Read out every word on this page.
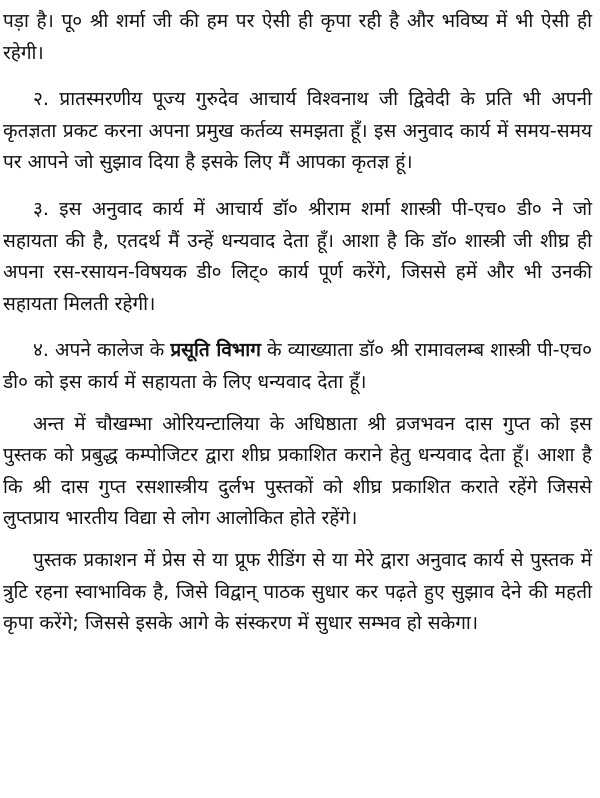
पड़ा है। पू० श्री शर्मा जी की हम पर ऐसी ही कृपा रही है और भविष्य में भी ऐसी ही रहेगी।

२. प्रातस्मरणीय पूज्य गुरुदेव आचार्य विश्वनाथ जी द्विवेदी के प्रति भी अपनी कृतज्ञता प्रकट करना अपना प्रमुख कर्तव्य समझता हूँ। इस अनुवाद कार्य में समय-समय पर आपने जो सुझाव दिया है इसके लिए मैं आपका कृतज्ञ हूं।

३. इस अनुवाद कार्य में आचार्य डॉ० श्रीराम शर्मा शास्त्री पी-एच० डी० ने जो सहायता की है, एतदर्थ मैं उन्हें धन्यवाद देता हूँ। आशा है कि डॉ० शास्त्री जी शीघ्र ही अपना रस-रसायन-विषयक डी० लिट्० कार्य पूर्ण करेंगे, जिससे हमें और भी उनकी सहायता मिलती रहेगी।

४. अपने कालेज के प्रसूति विभाग के व्याख्याता डॉ० श्री रामावलम्ब शास्त्री पी-एच० डी० को इस कार्य में सहायता के लिए धन्यवाद देता हूँ।

अन्त में चौखम्भा ओरियन्टालिया के अधिष्ठाता श्री व्रजभवन दास गुप्त को इस पुस्तक को प्रबुद्ध कम्पोजिटर द्वारा शीघ्र प्रकाशित कराने हेतु धन्यवाद देता हूँ। आशा है कि श्री दास गुप्त रसशास्त्रीय दुर्लभ पुस्तकों को शीघ्र प्रकाशित कराते रहेंगे जिससे लुप्तप्राय भारतीय विद्या से लोग आलोकित होते रहेंगे।

पुस्तक प्रकाशन में प्रेस से या प्रूफ रीडिंग से या मेरे द्वारा अनुवाद कार्य से पुस्तक में त्रुटि रहना स्वाभाविक है, जिसे विद्वान् पाठक सुधार कर पढ़ते हुए सुझाव देने की महती कृपा करेंगे; जिससे इसके आगे के संस्करण में सुधार सम्भव हो सकेगा।
